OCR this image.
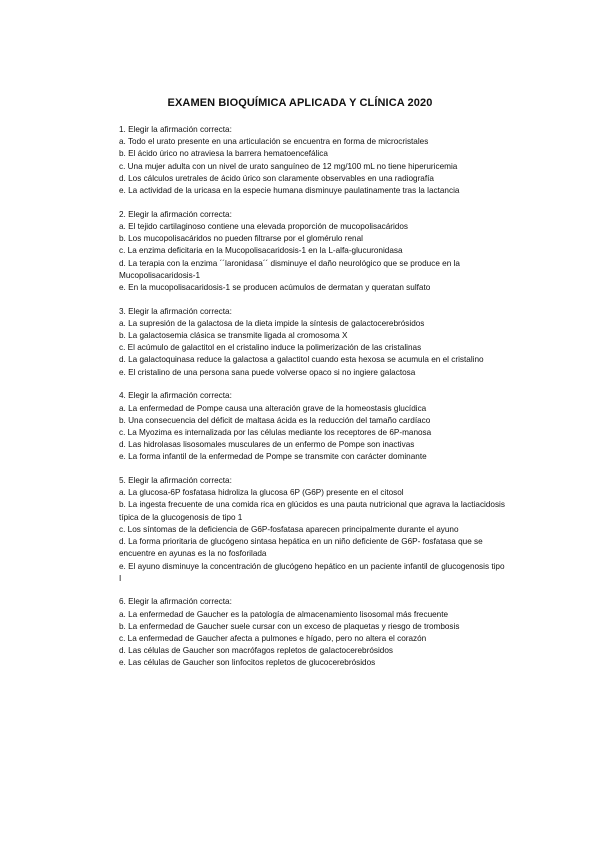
EXAMEN BIOQUÍMICA APLICADA Y CLÍNICA 2020
1. Elegir la afirmación correcta:
a. Todo el urato presente en una articulación se encuentra en forma de microcristales
b. El ácido úrico no atraviesa la barrera hematoencefálica
c. Una mujer adulta con un nivel de urato sanguíneo de 12 mg/100 mL no tiene hiperuricemia
d. Los cálculos uretrales de ácido úrico son claramente observables en una radiografía
e. La actividad de la uricasa en la especie humana disminuye paulatinamente tras la lactancia
2. Elegir la afirmación correcta:
a. El tejido cartilaginoso contiene una elevada proporción de mucopolisacáridos
b. Los mucopolisacáridos no pueden filtrarse por el glomérulo renal
c. La enzima deficitaria en la Mucopolisacaridosis-1 en la L-alfa-glucuronidasa
d. La terapia con la enzima ´´laronidasa´´ disminuye el daño neurológico que se produce en la Mucopolisacaridosis-1
e. En la mucopolisacaridosis-1 se producen acúmulos de dermatan y queratan sulfato
3. Elegir la afirmación correcta:
a. La supresión de la galactosa de la dieta impide la síntesis de galactocerebrósidos
b. La galactosemia clásica se transmite ligada al cromosoma X
c. El acúmulo de galactitol en el cristalino induce la polimerización de las cristalinas
d. La galactoquinasa reduce la galactosa a galactitol cuando esta hexosa se acumula en el cristalino
e. El cristalino de una persona sana puede volverse opaco si no ingiere galactosa
4. Elegir la afirmación correcta:
a. La enfermedad de Pompe causa una alteración grave de la homeostasis glucídica
b. Una consecuencia del déficit de maltasa ácida es la reducción del tamaño cardíaco
c. La Myozima es internalizada por las células mediante los receptores de 6P-manosa
d. Las hidrolasas lisosomales musculares de un enfermo de Pompe son inactivas
e. La forma infantil de la enfermedad de Pompe se transmite con carácter dominante
5. Elegir la afirmación correcta:
a. La glucosa-6P fosfatasa hidroliza la glucosa 6P (G6P) presente en el citosol
b. La ingesta frecuente de una comida rica en glúcidos es una pauta nutricional que agrava la lactiacidosis típica de la glucogenosis de tipo 1
c. Los síntomas de la deficiencia de G6P-fosfatasa aparecen principalmente durante el ayuno
d. La forma prioritaria de glucógeno sintasa hepática en un niño deficiente de G6P- fosfatasa que se encuentre en ayunas es la no fosforilada
e. El ayuno disminuye la concentración de glucógeno hepático en un paciente infantil de glucogenosis tipo I
6. Elegir la afirmación correcta:
a. La enfermedad de Gaucher es la patología de almacenamiento lisosomal más frecuente
b. La enfermedad de Gaucher suele cursar con un exceso de plaquetas y riesgo de trombosis
c. La enfermedad de Gaucher afecta a pulmones e hígado, pero no altera el corazón
d. Las células de Gaucher son macrófagos repletos de galactocerebrósidos
e. Las células de Gaucher son linfocitos repletos de glucocerebrósidos
